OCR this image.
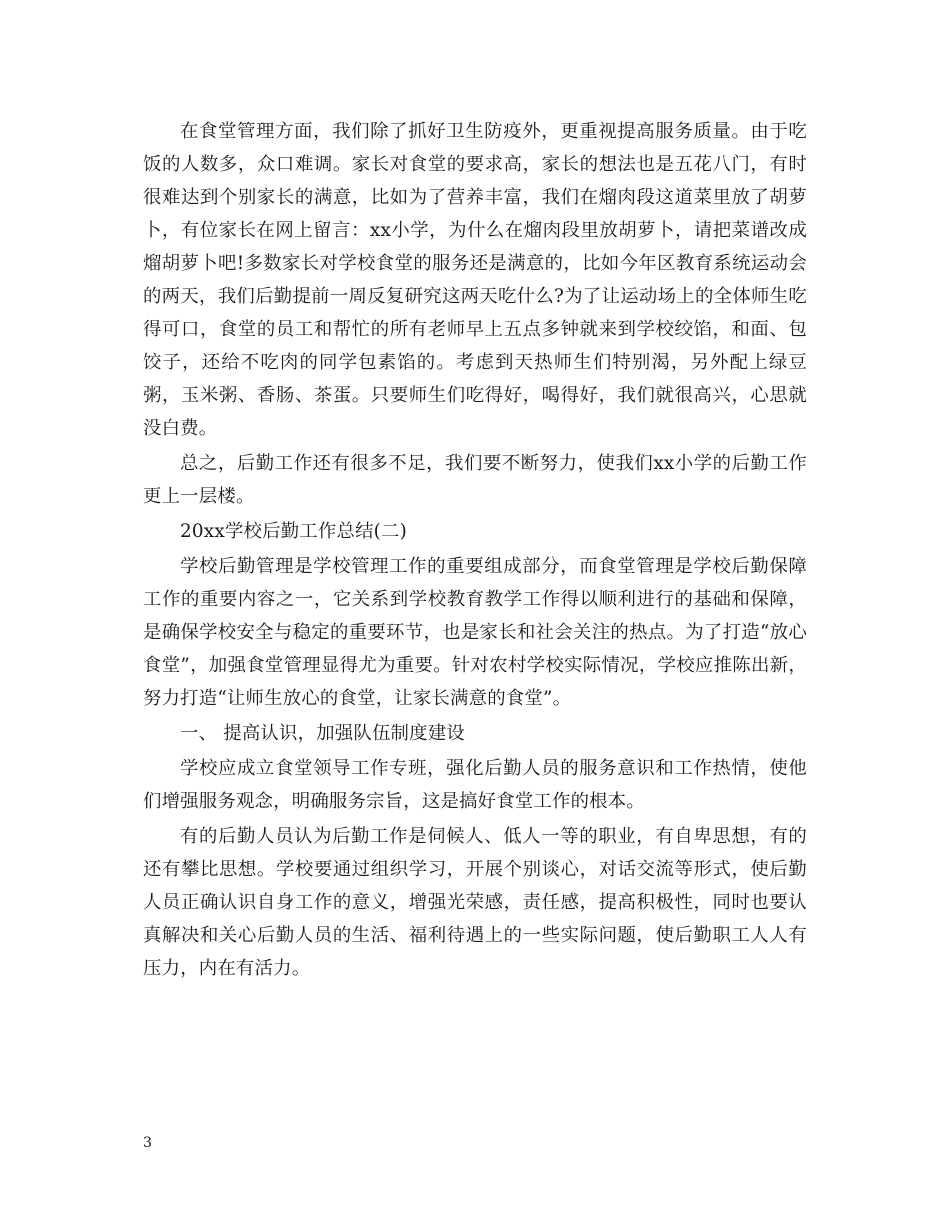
在食堂管理方面，我们除了抓好卫生防疫外，更重视提高服务质量。由于吃饭的人数多，众口难调。家长对食堂的要求高，家长的想法也是五花八门，有时很难达到个别家长的满意，比如为了营养丰富，我们在熘肉段这道菜里放了胡萝卜，有位家长在网上留言：xx小学，为什么在熘肉段里放胡萝卜，请把菜谱改成熘胡萝卜吧!多数家长对学校食堂的服务还是满意的，比如今年区教育系统运动会的两天，我们后勤提前一周反复研究这两天吃什么?为了让运动场上的全体师生吃得可口，食堂的员工和帮忙的所有老师早上五点多钟就来到学校绞馅，和面、包饺子，还给不吃肉的同学包素馅的。考虑到天热师生们特别渴，另外配上绿豆粥，玉米粥、香肠、茶蛋。只要师生们吃得好，喝得好，我们就很高兴，心思就没白费。

总之，后勤工作还有很多不足，我们要不断努力，使我们xx小学的后勤工作更上一层楼。

20xx学校后勤工作总结(二)

学校后勤管理是学校管理工作的重要组成部分，而食堂管理是学校后勤保障工作的重要内容之一，它关系到学校教育教学工作得以顺利进行的基础和保障，是确保学校安全与稳定的重要环节，也是家长和社会关注的热点。为了打造“放心食堂”，加强食堂管理显得尤为重要。针对农村学校实际情况，学校应推陈出新，努力打造“让师生放心的食堂，让家长满意的食堂”。

一、 提高认识，加强队伍制度建设

学校应成立食堂领导工作专班，强化后勤人员的服务意识和工作热情，使他们增强服务观念，明确服务宗旨，这是搞好食堂工作的根本。

有的后勤人员认为后勤工作是伺候人、低人一等的职业，有自卑思想，有的还有攀比思想。学校要通过组织学习，开展个别谈心，对话交流等形式，使后勤人员正确认识自身工作的意义，增强光荣感，责任感，提高积极性，同时也要认真解决和关心后勤人员的生活、福利待遇上的一些实际问题，使后勤职工人人有压力，内在有活力。

3
